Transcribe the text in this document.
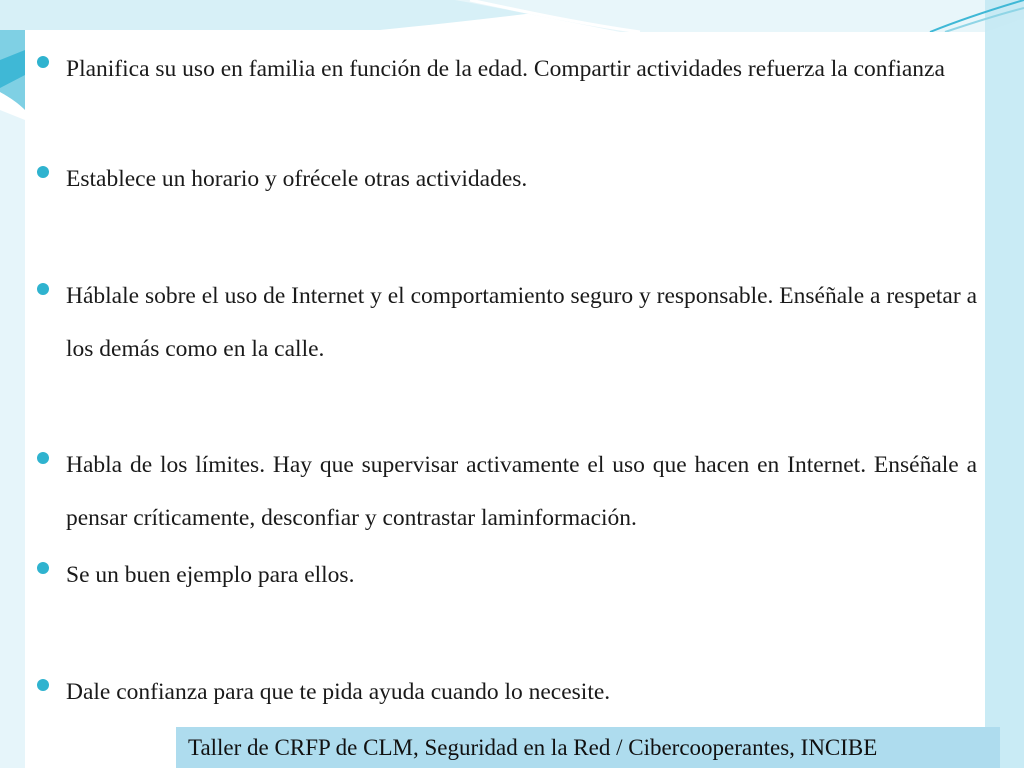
Planifica su uso en familia en función de la edad. Compartir actividades refuerza la confianza
Establece un horario y ofrécele otras actividades.
Háblale sobre el uso de Internet y el comportamiento seguro y responsable. Enséñale a respetar a los demás como en la calle.
Habla de los límites. Hay que supervisar activamente el uso que hacen en Internet. Enséñale a pensar críticamente, desconfiar y contrastar laminformación.
Se un buen ejemplo para ellos.
Dale confianza para que te pida ayuda cuando lo necesite.
Taller de CRFP de CLM, Seguridad en la Red / Cibercooperantes, INCIBE
